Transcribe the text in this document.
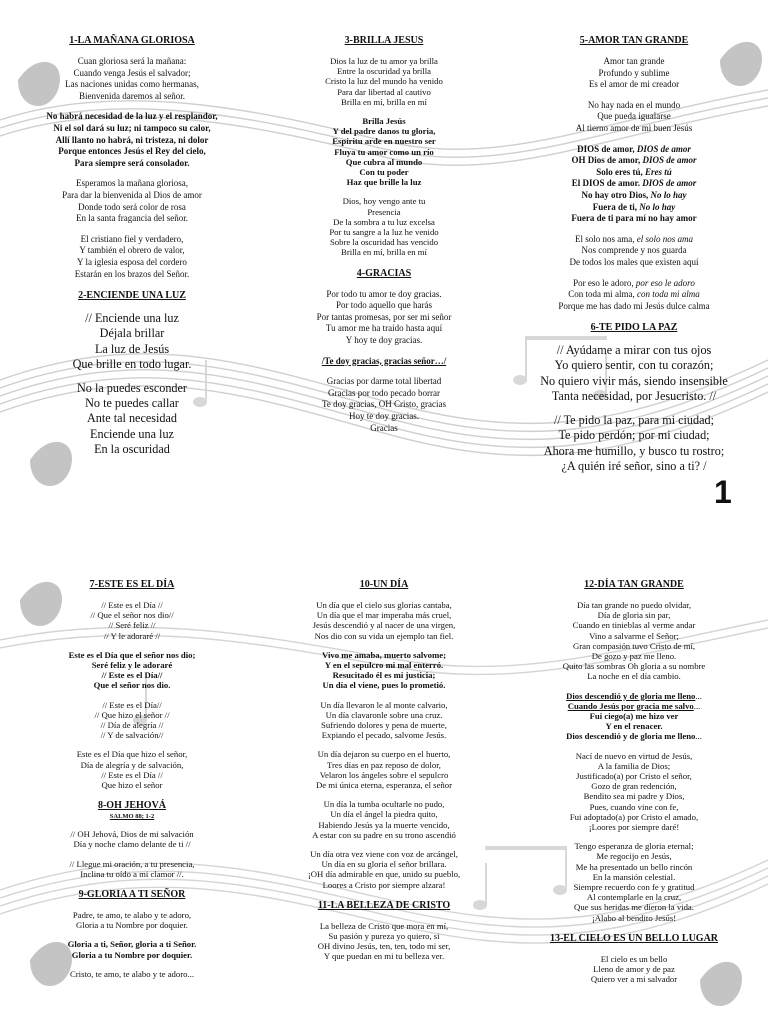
1-LA MAÑANA GLORIOSA
Cuan gloriosa será la mañana:
Cuando venga Jesús el salvador;
Las naciones unidas como hermanas,
Bienvenida daremos al señor.
No habrá necesidad de la luz y el resplandor,
Ni el sol dará su luz; ni tampoco su calor,
Allí llanto no habrá, ni tristeza, ni dolor
Porque entonces Jesús el Rey del cielo,
Para siempre será consolador.
Esperamos la mañana gloriosa,
Para dar la bienvenida al Dios de amor
Donde todo será color de rosa
En la santa fragancia del señor.
El cristiano fiel y verdadero,
Y también el obrero de valor,
Y la iglesia esposa del cordero
Estarán en los brazos del Señor.
2-ENCIENDE UNA LUZ
// Enciende una luz
Déjala brillar
La luz de Jesús
Que brille en todo lugar.
No la puedes esconder
No te puedes callar
Ante tal necesidad
Enciende una luz
En la oscuridad
3-BRILLA JESUS
Dios la luz de tu amor ya brilla
Entre la oscuridad ya brilla
Cristo la luz del mundo ha venido
Para dar libertad al cautivo
Brilla en mí, brilla en mí
Brilla Jesús
Y del padre danos tu gloria,
Espíritu arde en nuestro ser
Fluya tu amor como un río
Que cubra al mundo
Con tu poder
Haz que brille la luz
Dios, hoy vengo ante tu
Presencia
De la sombra a tu luz excelsa
Por tu sangre a la luz he venido
Sobre la oscuridad has vencido
Brilla en mí, brilla en mí
4-GRACIAS
Por todo tu amor te doy gracias.
Por todo aquello que harás
Por tantas promesas, por ser mi señor
Tu amor me ha traído hasta aquí
Y hoy te doy gracias.
/Te doy gracias, gracias señor…/
Gracias por darme total libertad
Gracias por todo pecado borrar
Te doy gracias, OH Cristo, gracias
Hoy te doy gracias.
Gracias
5-AMOR TAN GRANDE
Amor tan grande
Profundo y sublime
Es el amor de mi creador
No hay nada en el mundo
Que pueda igualarse
Al tierno amor de mi buen Jesús
DIOS de amor, DIOS de amor
OH Dios de amor, DIOS de amor
Solo eres tú, Eres tú
El DIOS de amor. DIOS de amor
No hay otro Dios, No lo hay
Fuera de ti, No lo hay
Fuera de ti para mí no hay amor
El solo nos ama, el solo nos ama
Nos comprende y nos guarda
De todos los males que existen aquí
Por eso le adoro, por eso le adoro
Con toda mi alma, con toda mi alma
Porque me has dado mi Jesús dulce calma
6-TE PIDO LA PAZ
// Ayúdame a mirar con tus ojos
Yo quiero sentir, con tu corazón;
No quiero vivir más, siendo insensible
Tanta necesidad, por Jesucristo. //
// Te pido la paz, para mi ciudad;
Te pido perdón; por mi ciudad;
Ahora me humillo, y busco tu rostro;
¿A quién iré señor, sino a ti? /
1
7-ESTE ES EL DÍA
// Este es el Día //
// Que el señor nos dio//
// Seré feliz //
// Y le adoraré //
Este es el Día que el señor nos dio;
Seré feliz y le adoraré
// Este es el Día//
Que el señor nos dio.
// Este es el Día//
// Que hizo el señor //
// Día de alegría //
// Y de salvación//
Este es el Día que hizo el señor,
Día de alegría y de salvación,
// Este es el Día //
Que hizo el señor
8-OH JEHOVÁ
SALMO 88; 1-2
// OH Jehová, Dios de mi salvación
Día y noche clamo delante de ti //
// Llegue mi oración, a tu presencia,
Inclina tu oído a mi clamor //.
9-GLORIA A TI SEÑOR
Padre, te amo, te alabo y te adoro,
Gloria a tu Nombre por doquier.
Gloria a ti, Señor, gloria a ti Señor.
Gloria a tu Nombre por doquier.
Cristo, te amo, te alabo y te adoro...
10-UN DÍA
Un día que el cielo sus glorias cantaba,
Un día que el mar imperaba más cruel,
Jesús descendió y al nacer de una virgen,
Nos dio con su vida un ejemplo tan fiel.
Vivo me amaba, muerto salvome;
Y en el sepulcro mi mal enterró.
Resucitado él es mi justicia;
Un día el viene, pues lo prometió.
Un día llevaron le al monte calvario,
Un día clavaronle sobre una cruz.
Sufriendo dolores y pena de muerte,
Expiando el pecado, salvome Jesús.
Un día dejaron su cuerpo en el huerto,
Tres días en paz reposo de dolor,
Velaron los ángeles sobre el sepulcro
De mi única eterna, esperanza, el señor
Un día la tumba ocultarle no pudo,
Un día el ángel la piedra quito,
Habiendo Jesús ya la muerte vencido,
A estar con su padre en su trono ascendió
Un día otra vez viene con voz de arcángel,
Un día en su gloria el señor brillara.
¡OH día admirable en que, unido su pueblo,
Loores a Cristo por siempre alzara!
11-LA BELLEZA DE CRISTO
La belleza de Cristo que mora en mí,
Su pasión y pureza yo quiero, si
OH divino Jesús, ten, ten, todo mi ser,
Y que puedan en mi tu belleza ver.
12-DÍA TAN GRANDE
Día tan grande no puedo olvidar,
Día de gloria sin par,
Cuando en tinieblas al verme andar
Vino a salvarme el Señor;
Gran compasión tuvo Cristo de mí,
De gozo y paz me lleno.
Quito las sombras Oh gloria a su nombre
La noche en el día cambio.
Dios descendió y de gloria me lleno...
Cuando Jesús por gracia me salvo...
Fui ciego(a) me hizo ver
Y en el renacer.
Dios descendió y de gloria me lleno...
Nací de nuevo en virtud de Jesús,
A la familia de Dios;
Justificado(a) por Cristo el señor,
Gozo de gran redención,
Bendito sea mi padre y Dios,
Pues, cuando vine con fe,
Fui adoptado(a) por Cristo el amado,
¡Loores por siempre daré!
Tengo esperanza de gloria eternal;
Me regocijo en Jesús,
Me ha presentado un bello rincón
En la mansión celestial.
Siempre recuerdo con fe y gratitud
Al contemplarle en la cruz,
Que sus heridas me dieron la vida.
¡Alabo al bendito Jesús!
13-EL CIELO ES UN BELLO LUGAR
El cielo es un bello
Lleno de amor y de paz
Quiero ver a mi salvador
